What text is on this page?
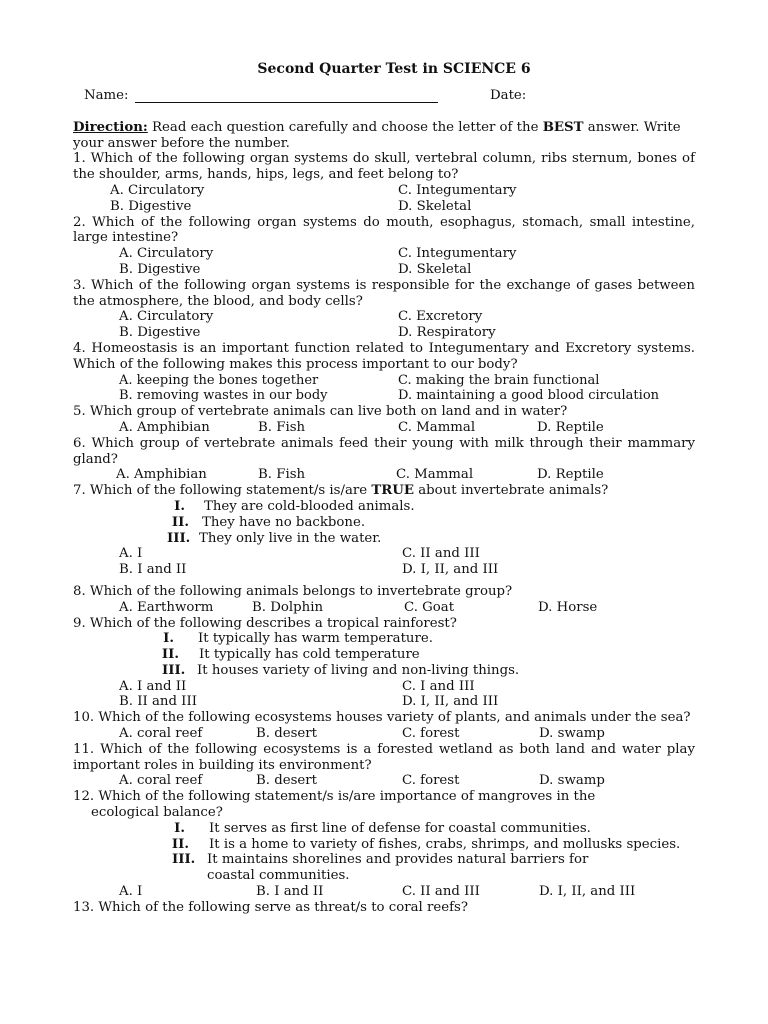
Second Quarter Test in SCIENCE 6
Name:	Date:
Direction: Read each question carefully and choose the letter of the BEST answer. Write your answer before the number.
1. Which of the following organ systems do skull, vertebral column, ribs sternum, bones of the shoulder, arms, hands, hips, legs, and feet belong to?
A. Circulatory	C. Integumentary
B. Digestive	D. Skeletal
2. Which of the following organ systems do mouth, esophagus, stomach, small intestine, large intestine?
A. Circulatory	C. Integumentary
B. Digestive	D. Skeletal
3. Which of the following organ systems is responsible for the exchange of gases between the atmosphere, the blood, and body cells?
A. Circulatory	C. Excretory
B. Digestive	D. Respiratory
4. Homeostasis is an important function related to Integumentary and Excretory systems. Which of the following makes this process important to our body?
A. keeping the bones together	C. making the brain functional
B. removing wastes in our body	D. maintaining a good blood circulation
5. Which group of vertebrate animals can live both on land and in water?
A. Amphibian	B. Fish	C. Mammal	D. Reptile
6. Which group of vertebrate animals feed their young with milk through their mammary gland?
A. Amphibian	B. Fish	C. Mammal	D. Reptile
7. Which of the following statement/s is/are TRUE about invertebrate animals?
I. They are cold-blooded animals.
II. They have no backbone.
III. They only live in the water.
A. I	C. II and III
B. I and II	D. I, II, and III
8. Which of the following animals belongs to invertebrate group?
A. Earthworm	B. Dolphin	C. Goat	D. Horse
9. Which of the following describes a tropical rainforest?
I. It typically has warm temperature.
II. It typically has cold temperature
III. It houses variety of living and non-living things.
A. I and II	C. I and III
B. II and III	D. I, II, and III
10. Which of the following ecosystems houses variety of plants, and animals under the sea?
A. coral reef	B. desert	C. forest	D. swamp
11. Which of the following ecosystems is a forested wetland as both land and water play important roles in building its environment?
A. coral reef	B. desert	C. forest	D. swamp
12. Which of the following statement/s is/are importance of mangroves in the
ecological balance?
I. It serves as first line of defense for coastal communities.
II. It is a home to variety of fishes, crabs, shrimps, and mollusks species.
III. It maintains shorelines and provides natural barriers for coastal communities.
A. I	B. I and II	C. II and III	D. I, II, and III
13. Which of the following serve as threat/s to coral reefs?
